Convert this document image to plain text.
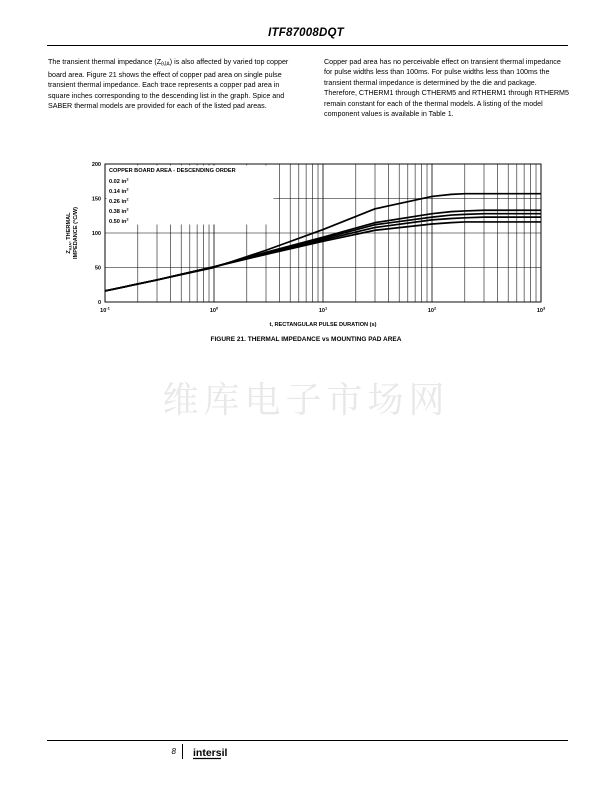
ITF87008DQT

The transient thermal impedance $(Z_{\theta JA})$ is also affected by varied top copper board area. Figure 21 shows the effect of copper pad area on single pulse transient thermal impedance. Each trace represents a copper pad area in square inches corresponding to the descending list in the graph. Spice and SABER thermal models are provided for each of the listed pad areas.

Copper pad area has no perceivable effect on transient thermal impedance for pulse widths less than 100ms. For pulse widths less than 100ms the transient thermal impedance is determined by the die and package. Therefore, CTHERM1 through CTHERM5 and RTHERM1 through RTHERM5 remain constant for each of the thermal models. A listing of the model component values is available in Table 1.

0
50
100
150
200
$10^{-1}$	$10^0$	$10^1$	$10^2$	$10^3$
t, RECTANGULAR PULSE DURATION (s)
$Z_{\theta JA}$, THERMAL IMPEDANCE (°C/W)
COPPER BOARD AREA - DESCENDING ORDER
0.02 $in^2$
0.14 $in^2$
0.26 $in^2$
0.38 $in^2$
0.50 $in^2$
FIGURE 21. THERMAL IMPEDANCE vs MOUNTING PAD AREA
维库电子市场网
8 intersil
